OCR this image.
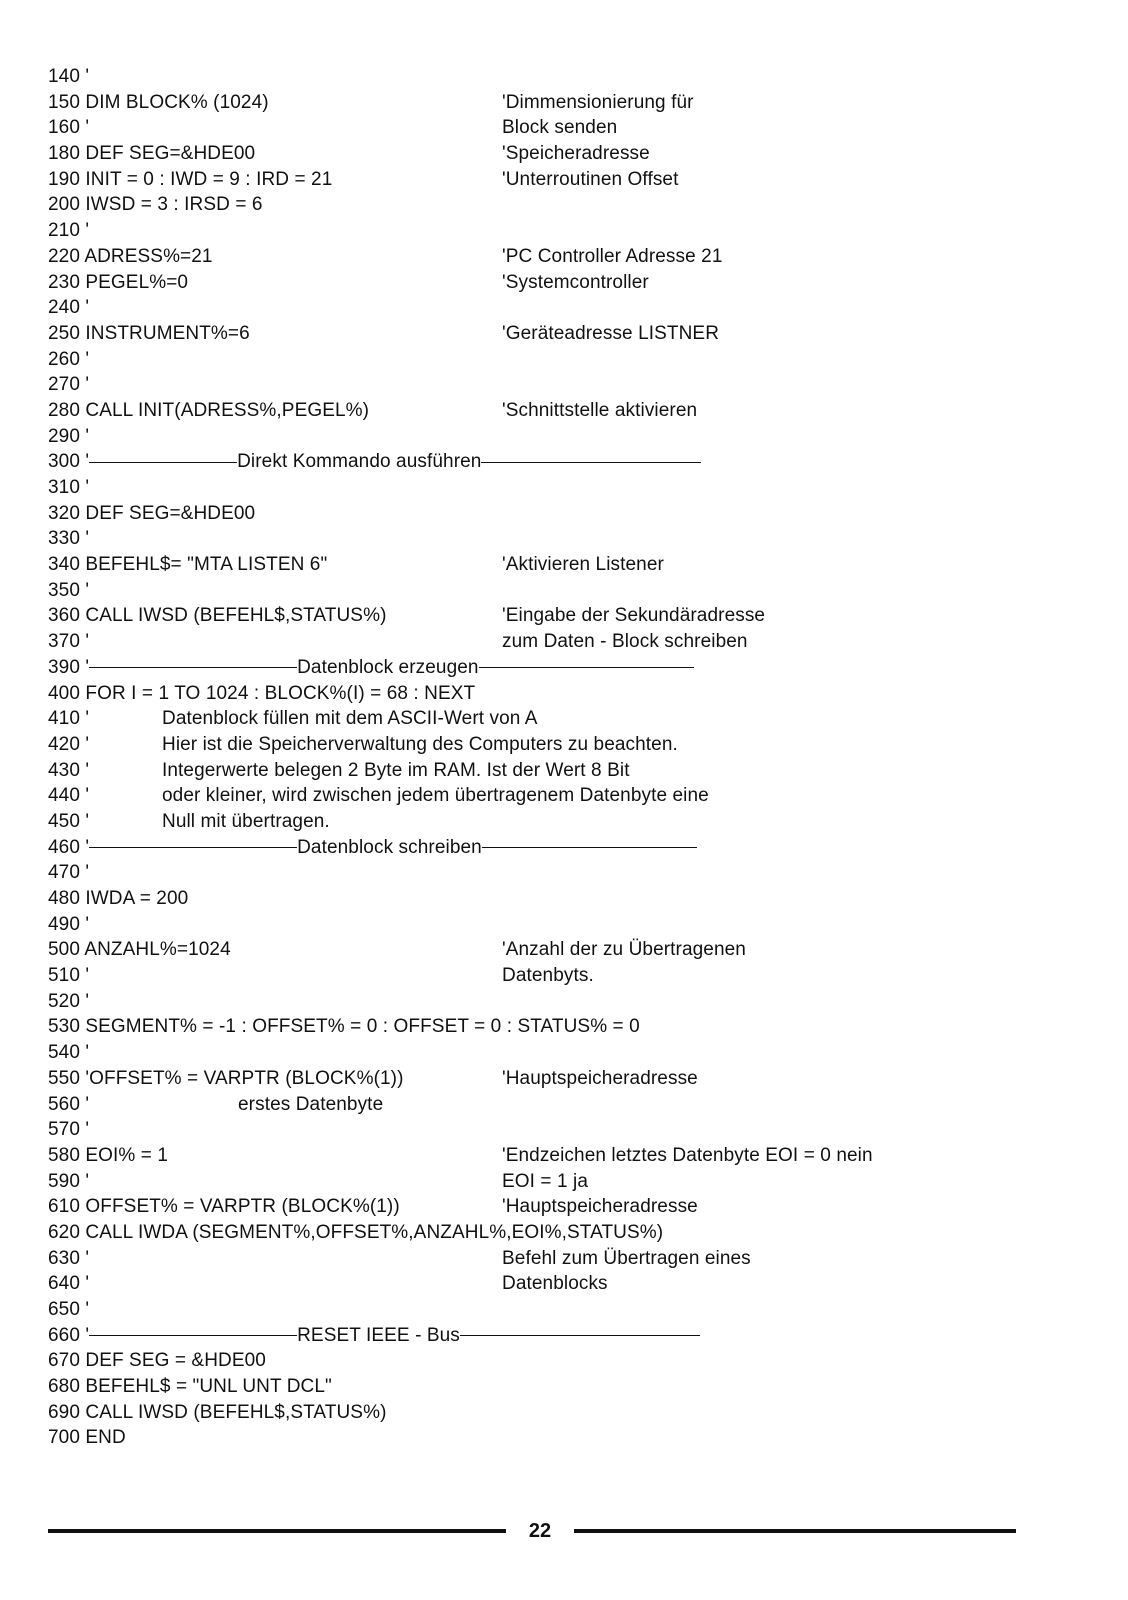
140 '
150 DIM BLOCK% (1024)	'Dimmensionierung für
160 '	Block senden
180 DEF SEG=&HDE00	'Speicheradresse
190 INIT = 0 : IWD = 9 : IRD = 21	'Unterroutinen Offset
200 IWSD = 3 : IRSD = 6
210 '
220 ADRESS%=21	'PC Controller Adresse 21
230 PEGEL%=0	'Systemcontroller
240 '
250 INSTRUMENT%=6	'Geräteadresse LISTNER
260 '
270 '
280 CALL INIT(ADRESS%,PEGEL%)	'Schnittstelle aktivieren
290 '
300 '	Direkt Kommando ausführen
310 '
320 DEF SEG=&HDE00
330 '
340 BEFEHL$= "MTA LISTEN 6"	'Aktivieren Listener
350 '
360 CALL IWSD (BEFEHL$,STATUS%)	'Eingabe der Sekundäradresse
370 '	zum Daten - Block schreiben
390 '	Datenblock erzeugen
400 FOR I = 1 TO 1024 : BLOCK%(I) = 68 : NEXT
410 '	Datenblock füllen mit dem ASCII-Wert von A
420 '	Hier ist die Speicherverwaltung des Computers zu beachten.
430 '	Integerwerte belegen 2 Byte im RAM. Ist der Wert 8 Bit
440 '	oder kleiner, wird zwischen jedem übertragenem Datenbyte eine
450 '	Null mit übertragen.
460 '	Datenblock schreiben
470 '
480 IWDA = 200
490 '
500 ANZAHL%=1024	'Anzahl der zu Übertragenen
510 '	Datenbyts.
520 '
530 SEGMENT% = -1 : OFFSET% = 0 : OFFSET = 0 : STATUS% = 0
540 '
550 'OFFSET% = VARPTR (BLOCK%(1))	'Hauptspeicheradresse
560 '	erstes Datenbyte
570 '
580 EOI% = 1	'Endzeichen letztes Datenbyte EOI = 0 nein
590 '	EOI = 1 ja
610 OFFSET% = VARPTR (BLOCK%(1))	'Hauptspeicheradresse
620 CALL IWDA (SEGMENT%,OFFSET%,ANZAHL%,EOI%,STATUS%)
630 '	Befehl zum Übertragen eines
640 '	Datenblocks
650 '
660 '	RESET IEEE - Bus
670 DEF SEG = &HDE00
680 BEFEHL$ = "UNL UNT DCL"
690 CALL IWSD (BEFEHL$,STATUS%)
700 END
22
